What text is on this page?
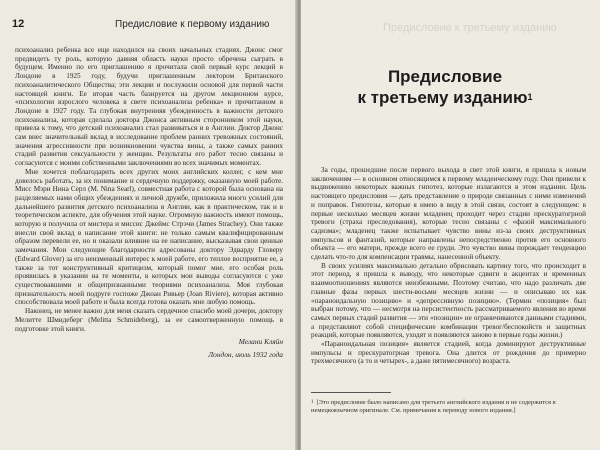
12	Предисловие к первому изданию

психоанализ ребенка все еще находился на своих начальных стадиях. Джонс смог предвидеть ту роль, которую давняя область науки просто обречена сыграть в будущем. Именно по его приглашению я прочитала свой первый курс лекций в Лондоне в 1925 году, будучи приглашенным лектором Британского психоаналитического Общества; эти лекции и послужили основой для первой части настоящей книги. Ее вторая часть базируется на другом лекционном курсе, «психологии взрослого человека в свете психоанализа ребенка» и прочитанном в Лондоне в 1927 году. Та глубокая внутренняя убежденность в важности детского психоанализа, которая сделала доктора Джонса активным сторонником этой науки, привела к тому, что детский психоанализ стал развиваться и в Англии. Доктор Джонс сам внес значительный вклад в исследование проблем ранних тревожных состояний, значения агрессивности при возникновении чувства вины, а также самых ранних стадий развития сексуальности у женщин. Результаты его работ тесно связаны и согласуются с моими собственными заключениями во всех значимых моментах.

Мне хочется поблагодарить всех других моих английских коллег, с кем мне довелось работать, за их понимание и сердечную поддержку, оказанную моей работе. Мисс Мэри Нина Серл (M. Nina Searl), совместная работа с которой была основана на разделяемых нами общих убеждениях и личной дружбе, приложила много усилий для дальнейшего развития детского психоанализа в Англии, как в практическом, так и в теоретическом аспекте, для обучения этой науке. Огромную важность имеют помощь, которую я получила от мистера и миссис Джеймс Стрэчи (James Strachey). Они также внесли свой вклад в написание этой книги: не только самым квалифицированным образом перевели ее, но и оказали влияние на ее написание, высказывая свои ценные замечания. Мои следующие благодарности адресованы доктору Эдварду Гловеру (Edward Glover) за его неизменный интерес к моей работе, его теплое восприятие ее, а также за тот конструктивный критицизм, который помог мне. его особая роль проявилась в указании на те моменты, в которых мои выводы согласуются с уже существовавшими и общепризнанными теориями психоанализа. Моя глубокая признательность моей подруге госпоже Джоан Ривьер (Joan Riviere), которая активно способствовала моей работе и была всегда готова оказать мне любую помощь.

Наконец, не менее важно для меня сказать сердечное спасибо моей дочери, доктору Мелитте Шмидеберг (Melitta Schmideberg), за ее самоотверженную помощь в подготовке этой книги.

Мелани Кляйн
Лондон, июль 1932 года
Предисловие к третьему изданию
Предисловие
к третьему изданию$^1$

За годы, прошедшие после первого выхода в свет этой книги, я пришла к новым заключениям — в основном относящимся к первому младенческому году. Они привели к выдвижению некоторых важных гипотез, которые излагаются в этом издании. Цель настоящего предисловия — дать представление о природе связанных с ними изменений и поправок. Гипотезы, которые я имею в виду в этой связи, состоят в следующем: в первые несколько месяцев жизни младенец проходит через стадии прескуратогрной тревоги (страха преследования), которые тесно связаны с «фазой максимального садизма»; младенец также испытывает чувство вины из-за своих деструктивных импульсов и фантазий, которые направлены непосредственно против его основного объекта — его матери, прежде всего ее груди. Это чувство вины порождает тенденцию сделать что-то для компенсации травмы, нанесенной объекту.

В своих усилиях максимально детально обрисовать картину того, что происходит в этот период, я пришла к выводу, что некоторые сдвиги в акцентах и временных взаимоотношениях являются неизбежными. Поэтому считаю, что надо различать две главные фазы первых шести-восьми месяцев жизни — и описываю их как «параноидальную позицию» и «депрессивную позицию». (Термин «позиция» был выбран потому, что — несмотря на персистентность рассматриваемого явления во время самых первых стадий развития — эти «позиции» не ограничиваются данными стадиями, а представляют собой специфические комбинации тревог/беспокойств и защитных реакций, которые появляются, уходят и появляются заново в первые годы жизни.)

«Параноидальная позиция» является стадией, когда доминируют деструктивные импульсы и прескуратогрная тревога. Она длится от рождения до примерно трехмесячного (а то и четырех-, а даже пятимесячного) возраста.

$^1$ [Это предисловие было написано для третьего английского издания и не содержится в немецкоязычном оригинале. См. примечания к переводу нового издания.]
